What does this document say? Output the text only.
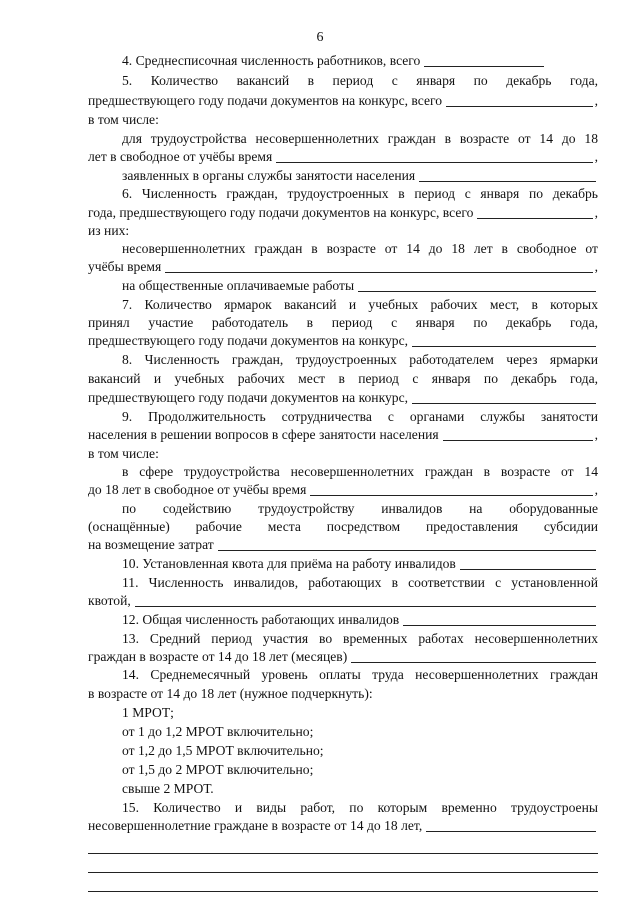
6
4. Среднесписочная численность работников, всего
5. Количество вакансий в период с января по декабрь года,
предшествующего году подачи документов на конкурс, всего	,
в том числе:
для трудоустройства несовершеннолетних граждан в возрасте от 14 до 18
лет в свободное от учёбы время	,
заявленных в органы службы занятости населения
6. Численность граждан, трудоустроенных в период с января по декабрь
года, предшествующего году подачи документов на конкурс, всего	,
из них:
несовершеннолетних граждан в возрасте от 14 до 18 лет в свободное от
учёбы время	,
на общественные оплачиваемые работы
7. Количество ярмарок вакансий и учебных рабочих мест, в которых
принял участие работодатель в период с января по декабрь года,
предшествующего году подачи документов на конкурс,
8. Численность граждан, трудоустроенных работодателем через ярмарки
вакансий и учебных рабочих мест в период с января по декабрь года,
предшествующего году подачи документов на конкурс,
9. Продолжительность сотрудничества с органами службы занятости
населения в решении вопросов в сфере занятости населения	,
в том числе:
в сфере трудоустройства несовершеннолетних граждан в возрасте от 14
до 18 лет в свободное от учёбы время	,
по содействию трудоустройству инвалидов на оборудованные
(оснащённые) рабочие места посредством предоставления субсидии
на возмещение затрат
10. Установленная квота для приёма на работу инвалидов
11. Численность инвалидов, работающих в соответствии с установленной
квотой,
12. Общая численность работающих инвалидов
13. Средний период участия во временных работах несовершеннолетних
граждан в возрасте от 14 до 18 лет (месяцев)
14. Среднемесячный уровень оплаты труда несовершеннолетних граждан
в возрасте от 14 до 18 лет (нужное подчеркнуть):
1 МРОТ;
от 1 до 1,2 МРОТ включительно;
от 1,2 до 1,5 МРОТ включительно;
от 1,5 до 2 МРОТ включительно;
свыше 2 МРОТ.
15. Количество и виды работ, по которым временно трудоустроены
несовершеннолетние граждане в возрасте от 14 до 18 лет,
